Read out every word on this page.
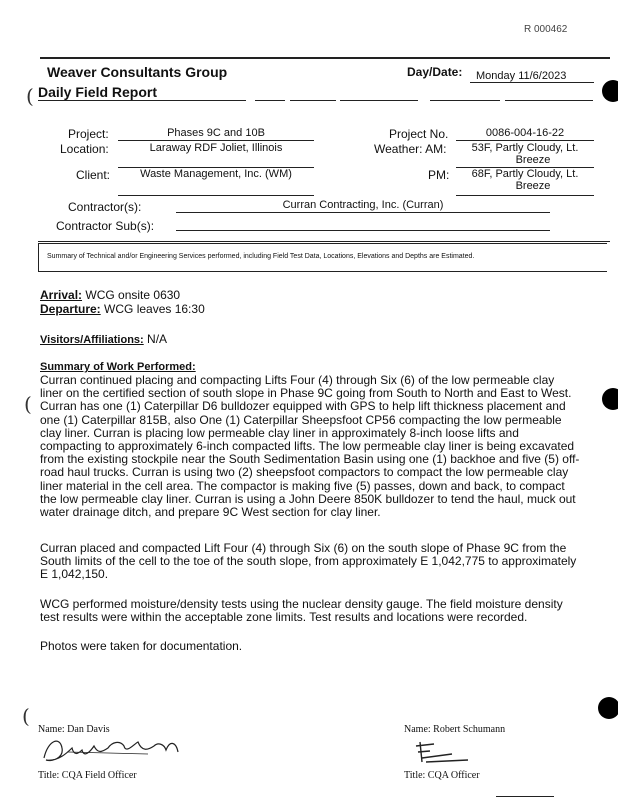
R 000462
(
(
(
Weaver Consultants Group
Daily Field Report
Day/Date: Monday 11/6/2023
Project:	Phases 9C and 10B
Location:	Laraway RDF Joliet, Illinois
Client:	Waste Management, Inc. (WM)
Project No.	0086-004-16-22
Weather: AM:	53F, Partly Cloudy, Lt.
Breeze
PM:	68F, Partly Cloudy, Lt.
Breeze
Contractor(s):	Curran Contracting, Inc. (Curran)
Contractor Sub(s):
Summary of Technical and/or Engineering Services performed, including Field Test Data, Locations, Elevations and Depths are Estimated.
Arrival: WCG onsite 0630
Departure: WCG leaves 16:30
Visitors/Affiliations: N/A
Summary of Work Performed:
Curran continued placing and compacting Lifts Four (4) through Six (6) of the low permeable clay
liner on the certified section of south slope in Phase 9C going from South to North and East to West.
Curran has one (1) Caterpillar D6 bulldozer equipped with GPS to help lift thickness placement and
one (1) Caterpillar 815B, also One (1) Caterpillar Sheepsfoot CP56 compacting the low permeable
clay liner. Curran is placing low permeable clay liner in approximately 8-inch loose lifts and
compacting to approximately 6-inch compacted lifts. The low permeable clay liner is being excavated
from the existing stockpile near the South Sedimentation Basin using one (1) backhoe and five (5) off-
road haul trucks. Curran is using two (2) sheepsfoot compactors to compact the low permeable clay
liner material in the cell area. The compactor is making five (5) passes, down and back, to compact
the low permeable clay liner. Curran is using a John Deere 850K bulldozer to tend the haul, muck out
water drainage ditch, and prepare 9C West section for clay liner.
Curran placed and compacted Lift Four (4) through Six (6) on the south slope of Phase 9C from the
South limits of the cell to the toe of the south slope, from approximately E 1,042,775 to approximately
E 1,042,150.
WCG performed moisture/density tests using the nuclear density gauge. The field moisture density
test results were within the acceptable zone limits. Test results and locations were recorded.
Photos were taken for documentation.
Name: Dan Davis
Title: CQA Field Officer
Name: Robert Schumann
Title: CQA Officer
